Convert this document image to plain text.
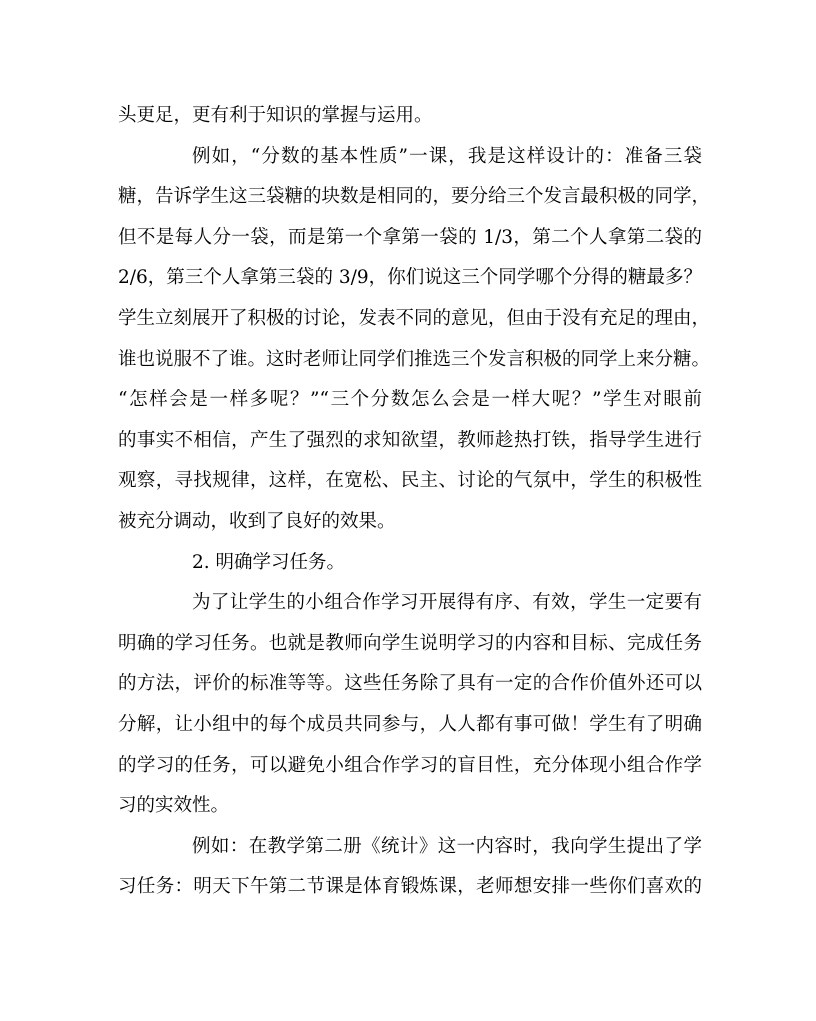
头更足，更有利于知识的掌握与运用。
例如，“分数的基本性质”一课，我是这样设计的：准备三袋
糖，告诉学生这三袋糖的块数是相同的，要分给三个发言最积极的同学，
但不是每人分一袋，而是第一个拿第一袋的 1/3，第二个人拿第二袋的
2/6，第三个人拿第三袋的 3/9，你们说这三个同学哪个分得的糖最多？
学生立刻展开了积极的讨论，发表不同的意见，但由于没有充足的理由，
谁也说服不了谁。这时老师让同学们推选三个发言积极的同学上来分糖。
“怎样会是一样多呢？”“三个分数怎么会是一样大呢？”学生对眼前
的事实不相信，产生了强烈的求知欲望，教师趁热打铁，指导学生进行
观察，寻找规律，这样，在宽松、民主、讨论的气氛中，学生的积极性
被充分调动，收到了良好的效果。
2. 明确学习任务。
为了让学生的小组合作学习开展得有序、有效，学生一定要有
明确的学习任务。也就是教师向学生说明学习的内容和目标、完成任务
的方法，评价的标准等等。这些任务除了具有一定的合作价值外还可以
分解，让小组中的每个成员共同参与，人人都有事可做！学生有了明确
的学习的任务，可以避免小组合作学习的盲目性，充分体现小组合作学
习的实效性。
例如：在教学第二册《统计》这一内容时，我向学生提出了学
习任务：明天下午第二节课是体育锻炼课，老师想安排一些你们喜欢的
